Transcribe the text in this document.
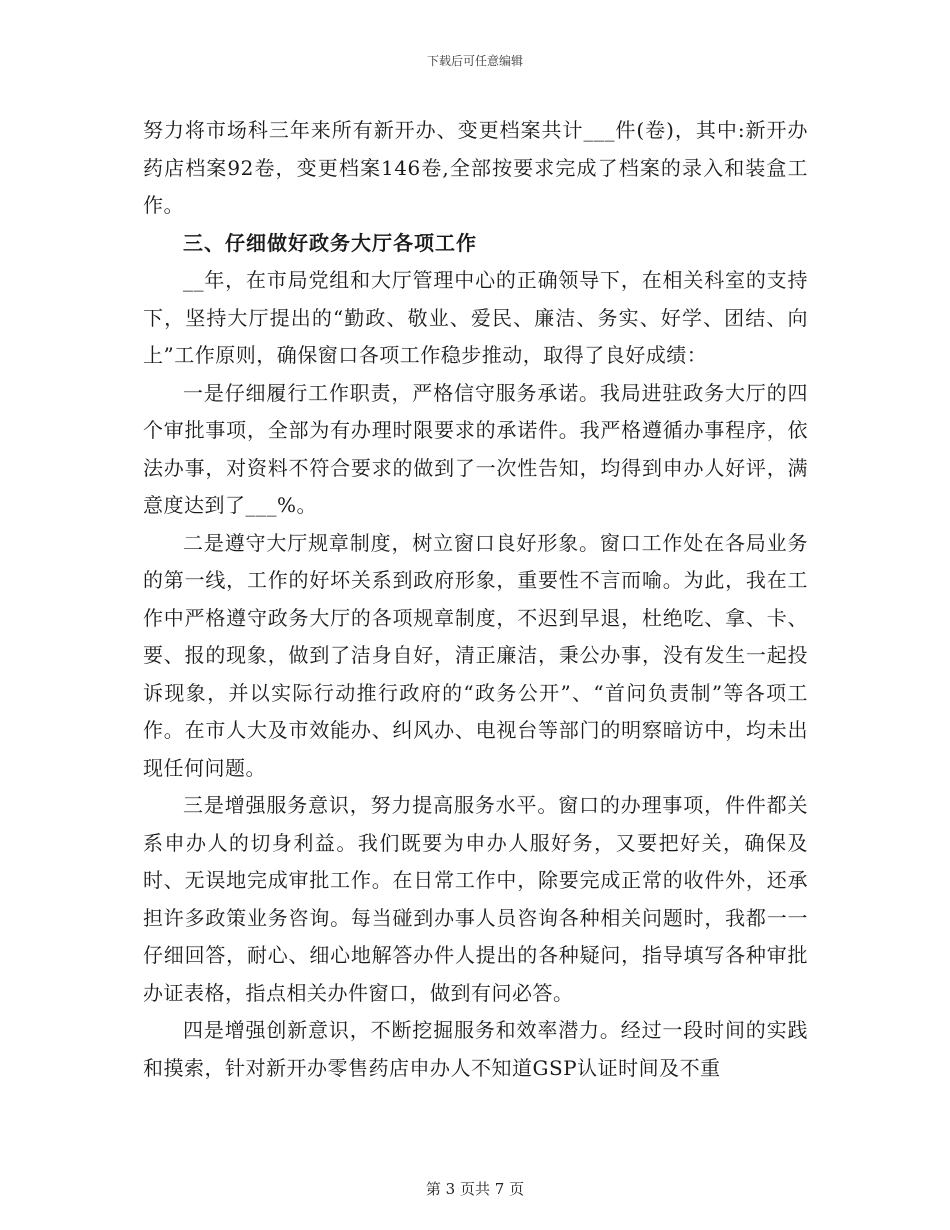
下载后可任意编辑

努力将市场科三年来所有新开办、变更档案共计___件(卷)，其中:新开办药店档案92卷，变更档案146卷,全部按要求完成了档案的录入和装盒工作。

三、仔细做好政务大厅各项工作

__年，在市局党组和大厅管理中心的正确领导下，在相关科室的支持下，坚持大厅提出的“勤政、敬业、爱民、廉洁、务实、好学、团结、向上”工作原则，确保窗口各项工作稳步推动，取得了良好成绩：

一是仔细履行工作职责，严格信守服务承诺。我局进驻政务大厅的四个审批事项，全部为有办理时限要求的承诺件。我严格遵循办事程序，依法办事，对资料不符合要求的做到了一次性告知，均得到申办人好评，满意度达到了___%。

二是遵守大厅规章制度，树立窗口良好形象。窗口工作处在各局业务的第一线，工作的好坏关系到政府形象，重要性不言而喻。为此，我在工作中严格遵守政务大厅的各项规章制度，不迟到早退，杜绝吃、拿、卡、要、报的现象，做到了洁身自好，清正廉洁，秉公办事，没有发生一起投诉现象，并以实际行动推行政府的“政务公开”、“首问负责制”等各项工作。在市人大及市效能办、纠风办、电视台等部门的明察暗访中，均未出现任何问题。

三是增强服务意识，努力提高服务水平。窗口的办理事项，件件都关系申办人的切身利益。我们既要为申办人服好务，又要把好关，确保及时、无误地完成审批工作。在日常工作中，除要完成正常的收件外，还承担许多政策业务咨询。每当碰到办事人员咨询各种相关问题时，我都一一仔细回答，耐心、细心地解答办件人提出的各种疑问，指导填写各种审批办证表格，指点相关办件窗口，做到有问必答。

四是增强创新意识，不断挖掘服务和效率潜力。经过一段时间的实践和摸索，针对新开办零售药店申办人不知道GSP认证时间及不重

第 3 页共 7 页
